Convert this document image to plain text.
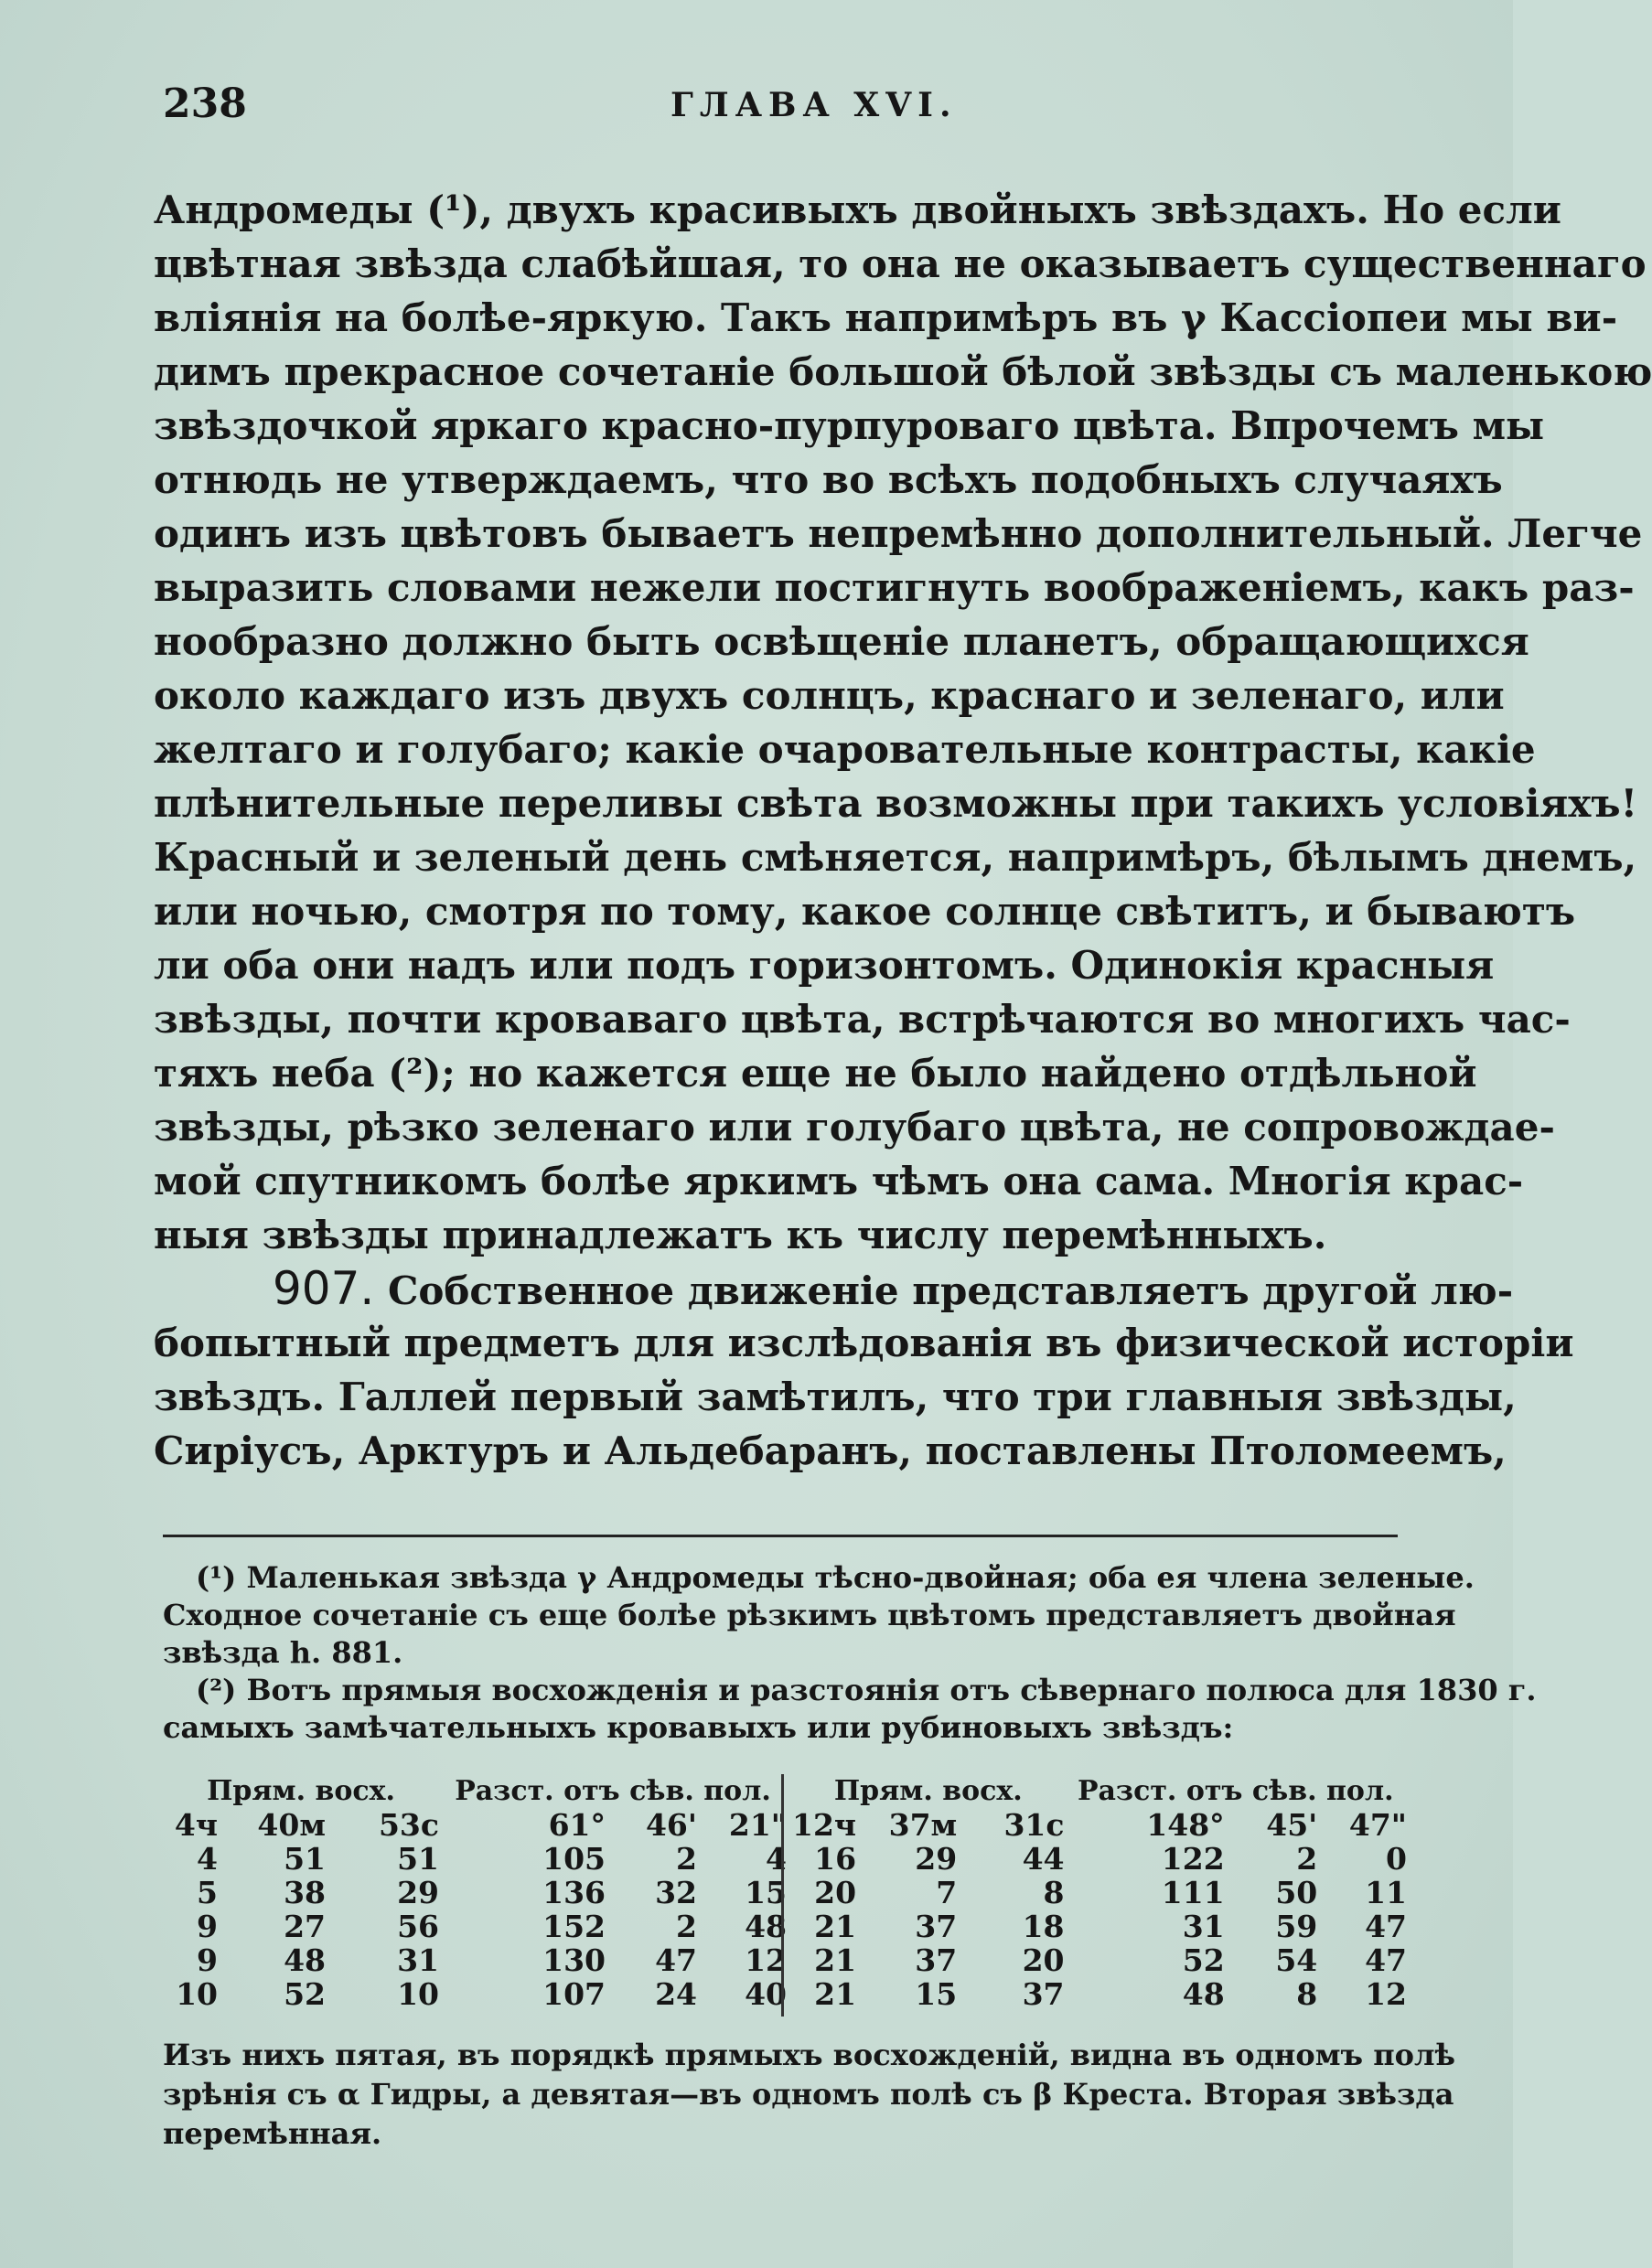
238	ГЛАВА XVI.
Андромеды (¹), двухъ красивыхъ двойныхъ звѣздахъ. Но если
цвѣтная звѣзда слабѣйшая, то она не оказываетъ существеннаго
вліянія на болѣе-яркую. Такъ напримѣръ въ γ Кассіопеи мы ви-
димъ прекрасное сочетаніе большой бѣлой звѣзды съ маленькою
звѣздочкой яркаго красно-пурпуроваго цвѣта. Впрочемъ мы
отнюдь не утверждаемъ, что во всѣхъ подобныхъ случаяхъ
одинъ изъ цвѣтовъ бываетъ непремѣнно дополнительный. Легче
выразить словами нежели постигнуть воображеніемъ, какъ раз-
нообразно должно быть освѣщеніе планетъ, обращающихся
около каждаго изъ двухъ солнцъ, краснаго и зеленаго, или
желтаго и голубаго; какіе очаровательные контрасты, какіе
плѣнительные переливы свѣта возможны при такихъ условіяхъ!
Красный и зеленый день смѣняется, напримѣръ, бѣлымъ днемъ,
или ночью, смотря по тому, какое солнце свѣтитъ, и бываютъ
ли оба они надъ или подъ горизонтомъ. Одинокія красныя
звѣзды, почти кроваваго цвѣта, встрѣчаются во многихъ час-
тяхъ неба (²); но кажется еще не было найдено отдѣльной
звѣзды, рѣзко зеленаго или голубаго цвѣта, не сопровождае-
мой спутникомъ болѣе яркимъ чѣмъ она сама. Многія крас-
ныя звѣзды принадлежатъ къ числу перемѣнныхъ.
907. Собственное движеніе представляетъ другой лю-
бопытный предметъ для изслѣдованія въ физической исторіи
звѣздъ. Галлей первый замѣтилъ, что три главныя звѣзды,
Сиріусъ, Арктуръ и Альдебаранъ, поставлены Птоломеемъ,
(¹) Маленькая звѣзда γ Андромеды тѣсно-двойная; оба ея члена зеленые.
Сходное сочетаніе съ еще болѣе рѣзкимъ цвѣтомъ представляетъ двойная
звѣзда h. 881.
(²) Вотъ прямыя восхожденія и разстоянія отъ сѣвернаго полюса для 1830 г.
самыхъ замѣчательныхъ кровавыхъ или рубиновыхъ звѣздъ:
Прям. восх.			Разст. отъ сѣв. пол.		
4ч	40м	53с	61°	46'	21"
4	51	51	105	2	4
5	38	29	136	32	15
9	27	56	152	2	48
9	48	31	130	47	12
10	52	10	107	24	40
Прям. восх.			Разст. отъ сѣв. пол.		
12ч	37м	31с	148°	45'	47"
16	29	44	122	2	0
20	7	8	111	50	11
21	37	18	31	59	47
21	37	20	52	54	47
21	15	37	48	8	12
Изъ нихъ пятая, въ порядкѣ прямыхъ восхожденій, видна въ одномъ полѣ
зрѣнія съ α Гидры, а девятая—въ одномъ полѣ съ β Креста. Вторая звѣзда
перемѣнная.
